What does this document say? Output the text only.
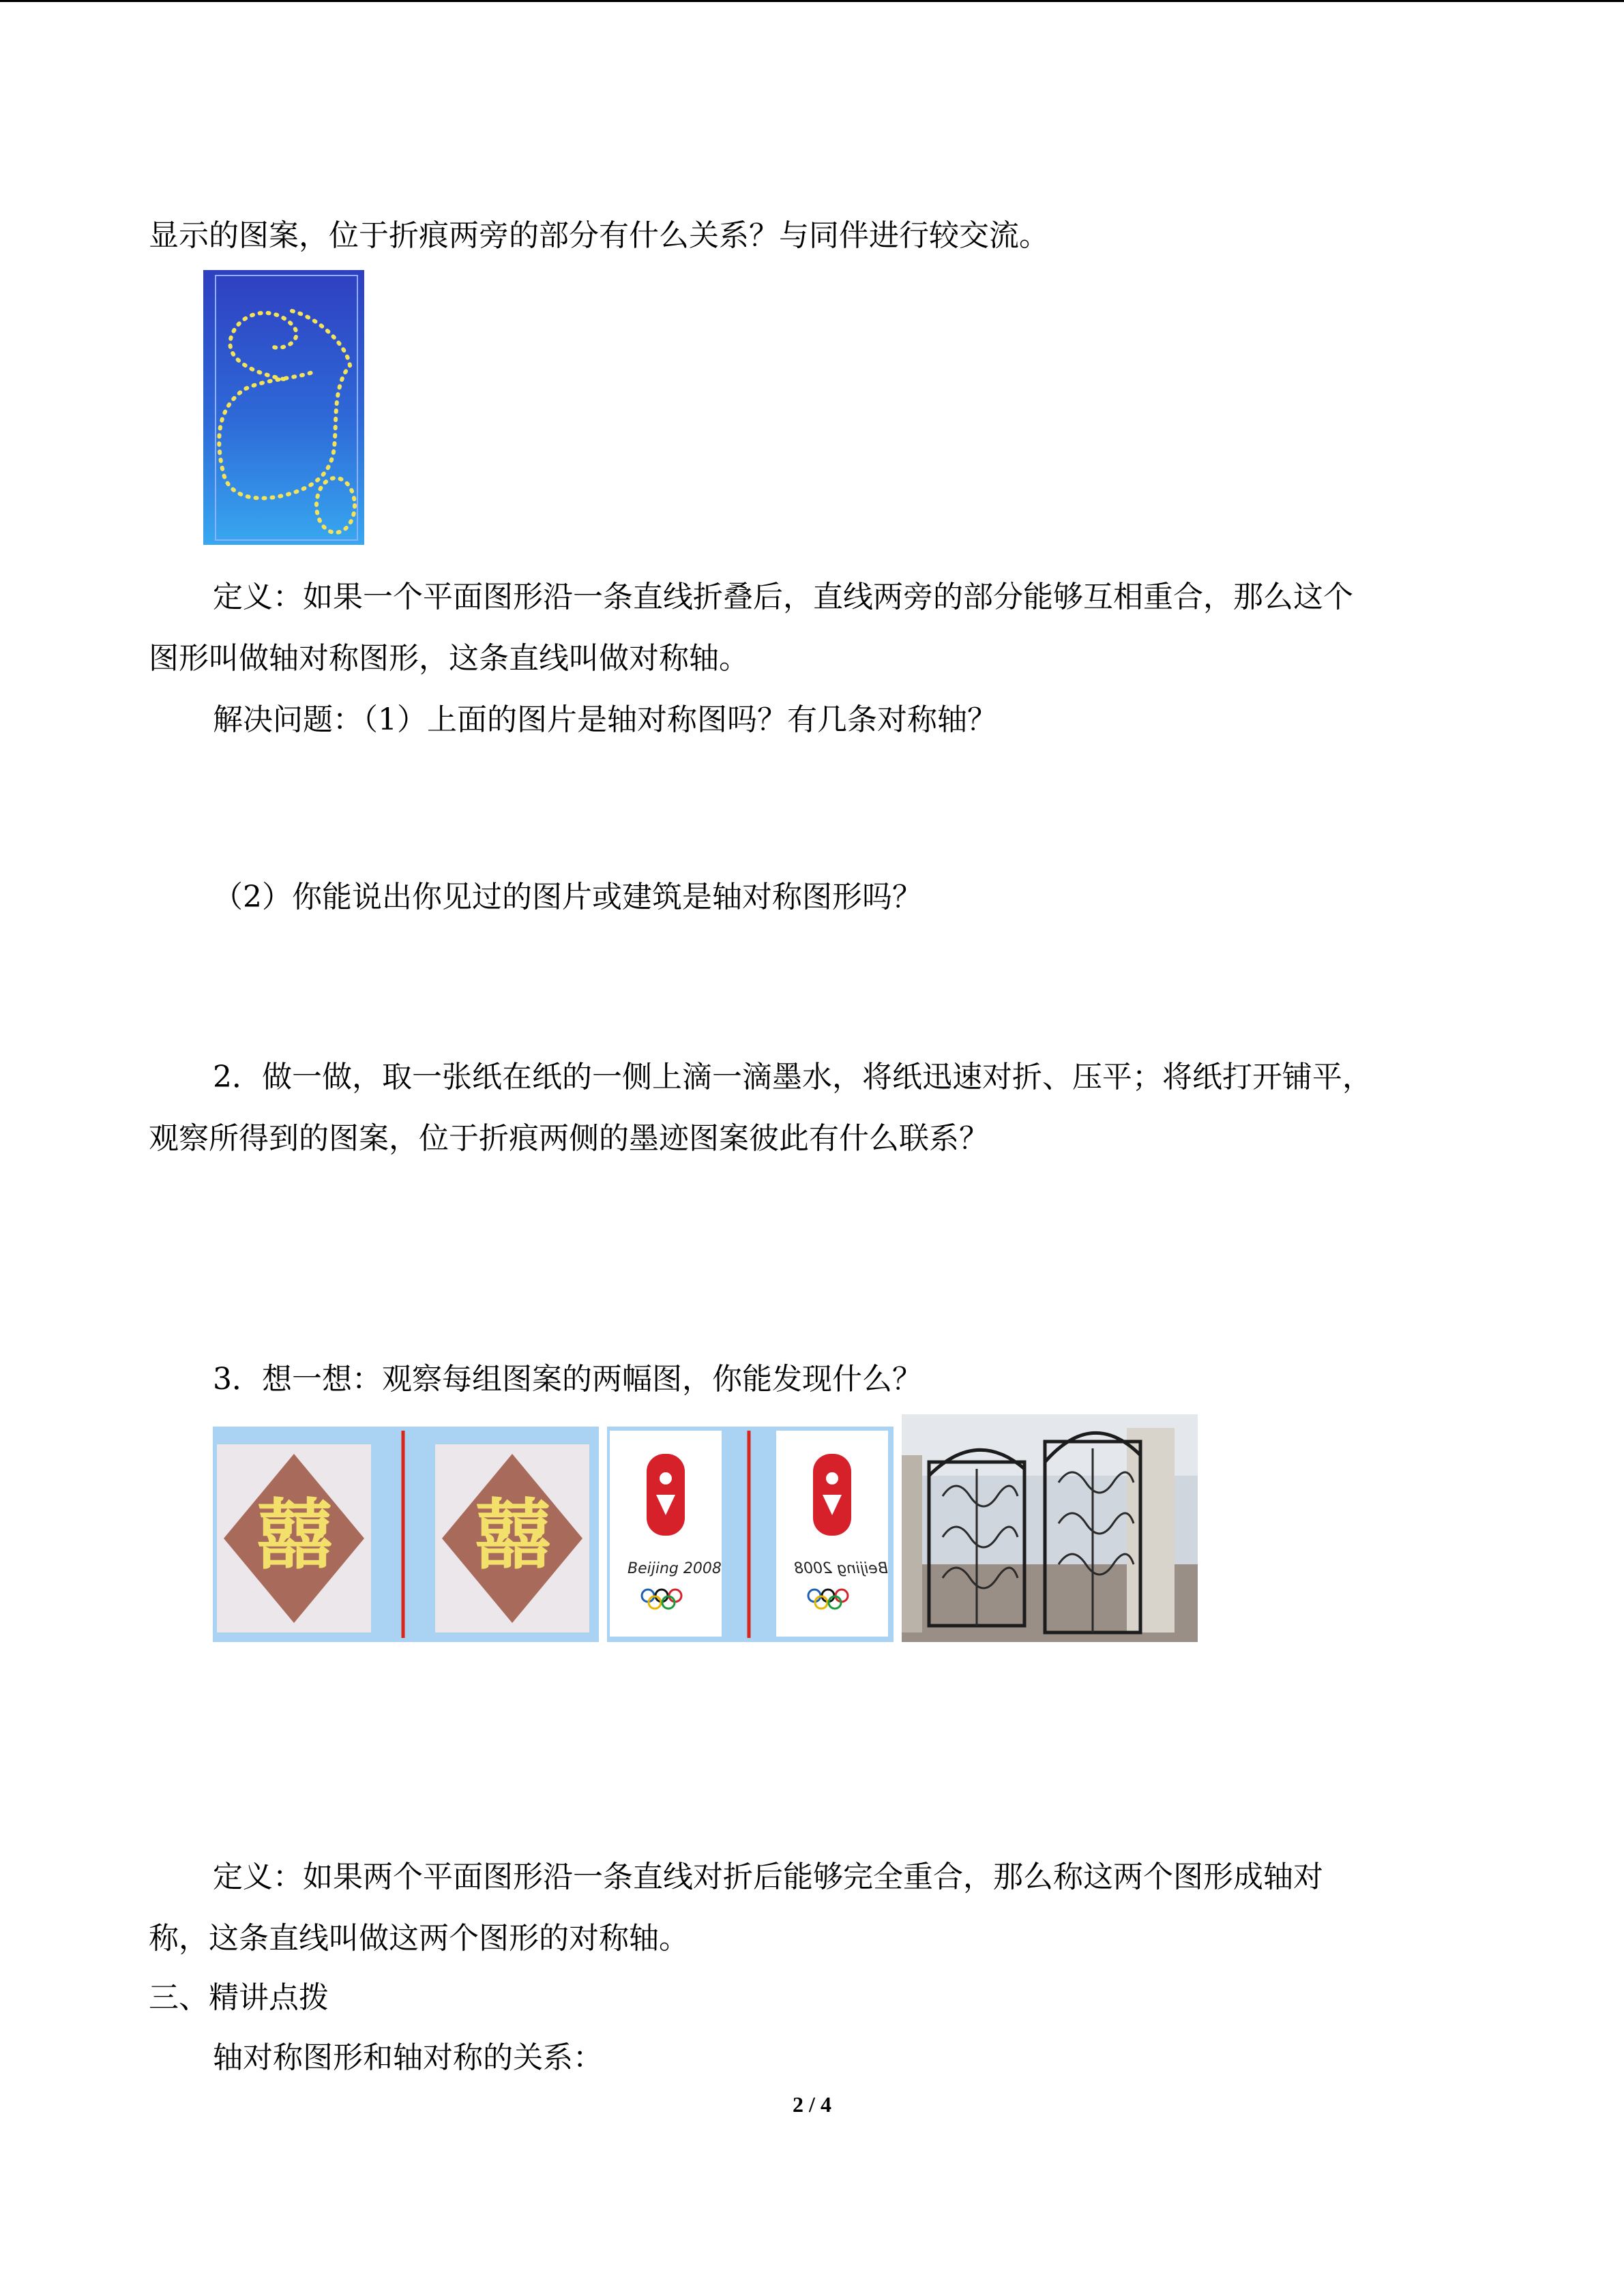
显示的图案，位于折痕两旁的部分有什么关系？与同伴进行较交流。
定义：如果一个平面图形沿一条直线折叠后，直线两旁的部分能够互相重合，那么这个
图形叫做轴对称图形，这条直线叫做对称轴。
解决问题：（1）上面的图片是轴对称图吗？有几条对称轴？
（2）你能说出你见过的图片或建筑是轴对称图形吗？
2．做一做，取一张纸在纸的一侧上滴一滴墨水，将纸迅速对折、压平；将纸打开铺平，
观察所得到的图案，位于折痕两侧的墨迹图案彼此有什么联系？
3．想一想：观察每组图案的两幅图，你能发现什么？
囍 囍	Beijing 2008	Beijing 2008
定义：如果两个平面图形沿一条直线对折后能够完全重合，那么称这两个图形成轴对
称，这条直线叫做这两个图形的对称轴。
三、精讲点拨
轴对称图形和轴对称的关系：
2 / 4
